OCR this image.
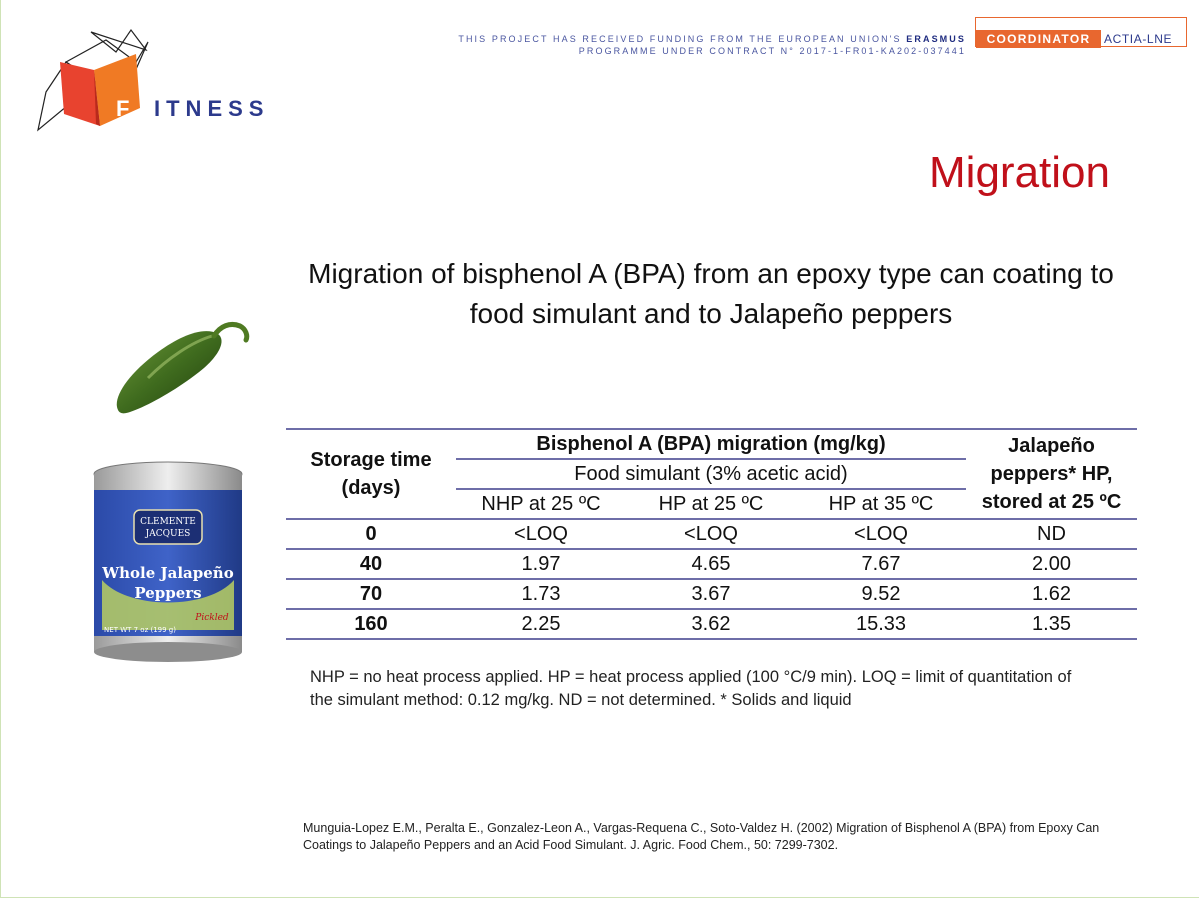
F ITNESS
THIS PROJECT HAS RECEIVED FUNDING FROM THE EUROPEAN UNION'S ERASMUS
PROGRAMME UNDER CONTRACT N° 2017-1-FR01-KA202-037441
COORDINATOR	ACTIA-LNE
Migration
Migration of bisphenol A (BPA) from an epoxy type can coating to food simulant and to Jalapeño peppers
CLEMENTE
JACQUES
Whole Jalapeño
Peppers
Pickled
NET WT 7 oz (199 g)
Storage time (days)	Bisphenol A (BPA) migration (mg/kg)			Jalapeño peppers* HP, stored at 25 ºC
	Food simulant (3% acetic acid)			
	NHP at 25 ºC	HP at 25 ºC	HP at 35 ºC	
0	<LOQ	<LOQ	<LOQ	ND
40	1.97	4.65	7.67	2.00
70	1.73	3.67	9.52	1.62
160	2.25	3.62	15.33	1.35
NHP = no heat process applied. HP = heat process applied (100 °C/9 min). LOQ = limit of quantitation of the simulant method: 0.12 mg/kg. ND = not determined. * Solids and liquid
Munguia-Lopez E.M., Peralta E., Gonzalez-Leon A., Vargas-Requena C., Soto-Valdez H. (2002) Migration of Bisphenol A (BPA) from Epoxy Can Coatings to Jalapeño Peppers and an Acid Food Simulant. J. Agric. Food Chem., 50: 7299-7302.
